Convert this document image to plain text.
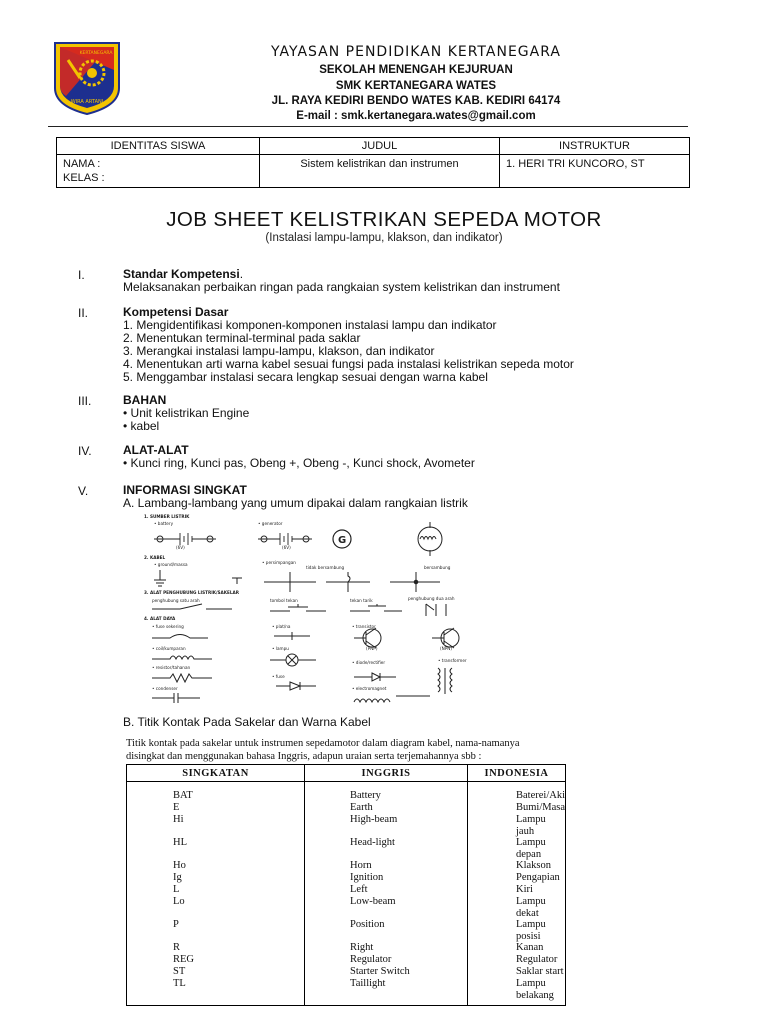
WIRA ARTANI
KERTANEGARA	YAYASAN PENDIDIKAN KERTANEGARA
SEKOLAH MENENGAH KEJURUAN
SMK KERTANEGARA WATES
JL. RAYA KEDIRI BENDO WATES KAB. KEDIRI 64174
E-mail : smk.kertanegara.wates@gmail.com
IDENTITAS SISWA	JUDUL	INSTRUKTUR

NAMA :
KELAS :	Sistem kelistrikan dan instrumen	1. HERI TRI KUNCORO, ST
JOB SHEET KELISTRIKAN SEPEDA MOTOR
(Instalasi lampu-lampu, klakson, dan indikator)
I.	Standar Kompetensi.
Melaksanakan perbaikan ringan pada rangkaian system kelistrikan dan instrument
II.	Kompetensi Dasar
1. Mengidentifikasi komponen-komponen instalasi lampu dan indikator
2. Menentukan terminal-terminal pada saklar
3. Merangkai instalasi lampu-lampu, klakson, dan indikator
4. Menentukan arti warna kabel sesuai fungsi pada instalasi kelistrikan sepeda motor
5. Menggambar instalasi secara lengkap sesuai dengan warna kabel
III.	BAHAN
• Unit kelistrikan Engine
• kabel
IV.	ALAT-ALAT
• Kunci ring, Kunci pas, Obeng +, Obeng -, Kunci shock, Avometer
V.	INFORMASI SINGKAT
A. Lambang-lambang yang umum dipakai dalam rangkaian listrik
1. SUMBER LISTRIK
2. KABEL
3. ALAT PENGHUBUNG LISTRIK/SAKELAR
4. ALAT DAYA
• battery	• generator
(6V)	(6V)
• ground/massa	• persimpangan
tidak bersambung	bersambung
penghubung satu arah	tombol tekan	tekan tarik	penghubung dua arah
• fuse sekering
• coil/kumparan
• resistor/tahanan
• condenser
• plat/na
• lampu
• fuse
• transistor
(PNP)	(NPN)
• diode/rectifier	• transformer
• electromagnet
G
B. Titik Kontak Pada Sakelar dan Warna Kabel
Titik kontak pada sakelar untuk instrumen sepedamotor dalam diagram kabel, nama-namanya
disingkat dan menggunakan bahasa Inggris, adapun uraian serta terjemahannya sbb :
SINGKATAN	INGGRIS	INDONESIA
BAT	Battery	Baterei/Aki
E	Earth	Bumi/Masa
Hi	High-beam	Lampu jauh
HL	Head-light	Lampu depan
Ho	Horn	Klakson
Ig	Ignition	Pengapian
L	Left	Kiri
Lo	Low-beam	Lampu dekat
P	Position	Lampu posisi
R	Right	Kanan
REG	Regulator	Regulator
ST	Starter Switch	Saklar start
TL	Taillight	Lampu belakang
